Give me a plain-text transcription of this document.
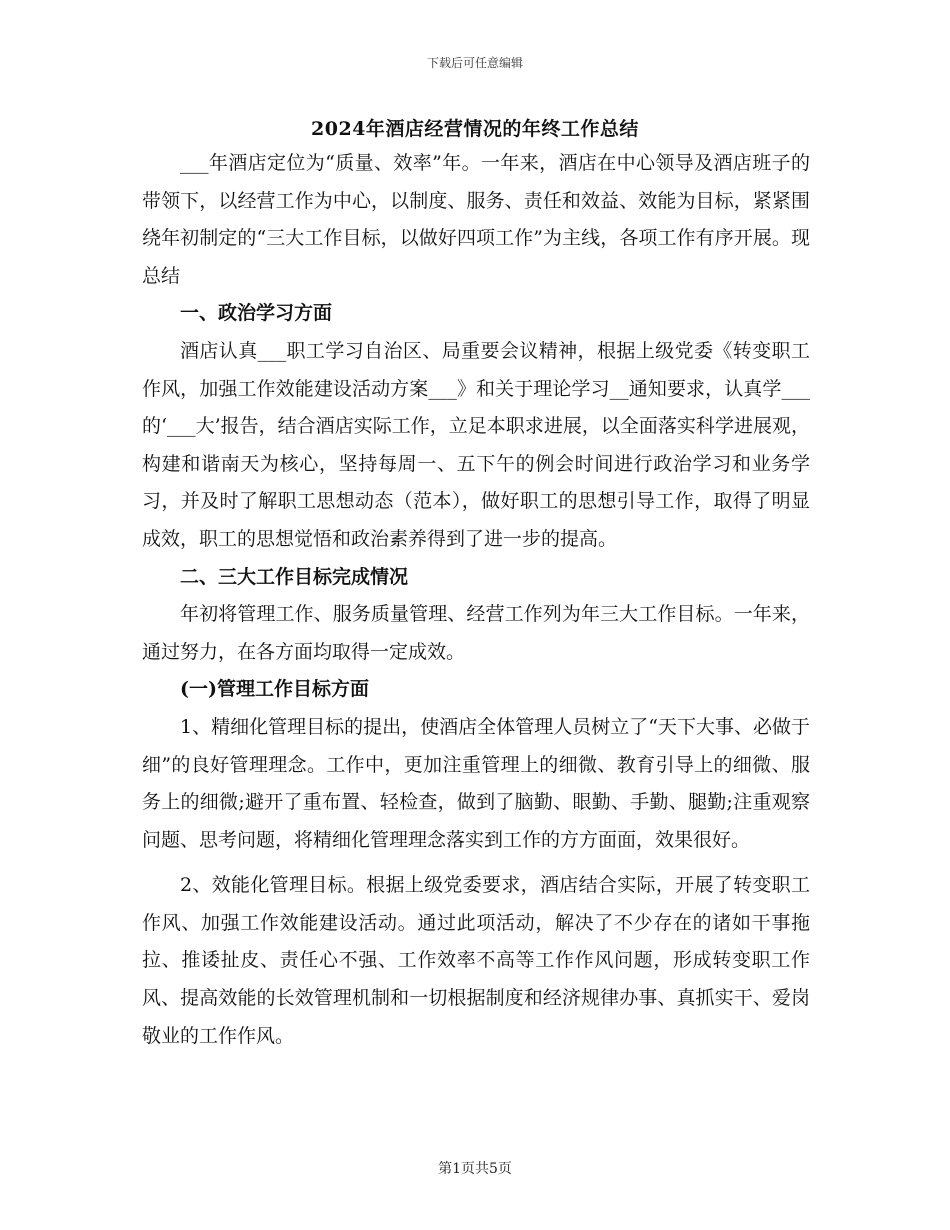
下载后可任意编辑
2024年酒店经营情况的年终工作总结

___年酒店定位为“质量、效率”年。一年来，酒店在中心领导及酒店班子的带领下，以经营工作为中心，以制度、服务、责任和效益、效能为目标，紧紧围绕年初制定的“三大工作目标，以做好四项工作”为主线，各项工作有序开展。现总结

一、政治学习方面

酒店认真___职工学习自治区、局重要会议精神，根据上级党委《转变职工作风，加强工作效能建设活动方案___》和关于理论学习__通知要求，认真学___的‘___大’报告，结合酒店实际工作，立足本职求进展，以全面落实科学进展观，构建和谐南天为核心，坚持每周一、五下午的例会时间进行政治学习和业务学习，并及时了解职工思想动态（范本），做好职工的思想引导工作，取得了明显成效，职工的思想觉悟和政治素养得到了进一步的提高。

二、三大工作目标完成情况

年初将管理工作、服务质量管理、经营工作列为年三大工作目标。一年来，通过努力，在各方面均取得一定成效。

(一)管理工作目标方面

1、精细化管理目标的提出，使酒店全体管理人员树立了“天下大事、必做于细”的良好管理理念。工作中，更加注重管理上的细微、教育引导上的细微、服务上的细微;避开了重布置、轻检查，做到了脑勤、眼勤、手勤、腿勤;注重观察问题、思考问题，将精细化管理理念落实到工作的方方面面，效果很好。

2、效能化管理目标。根据上级党委要求，酒店结合实际，开展了转变职工作风、加强工作效能建设活动。通过此项活动，解决了不少存在的诸如干事拖拉、推诿扯皮、责任心不强、工作效率不高等工作作风问题，形成转变职工作风、提高效能的长效管理机制和一切根据制度和经济规律办事、真抓实干、爱岗敬业的工作作风。

第1页共5页
